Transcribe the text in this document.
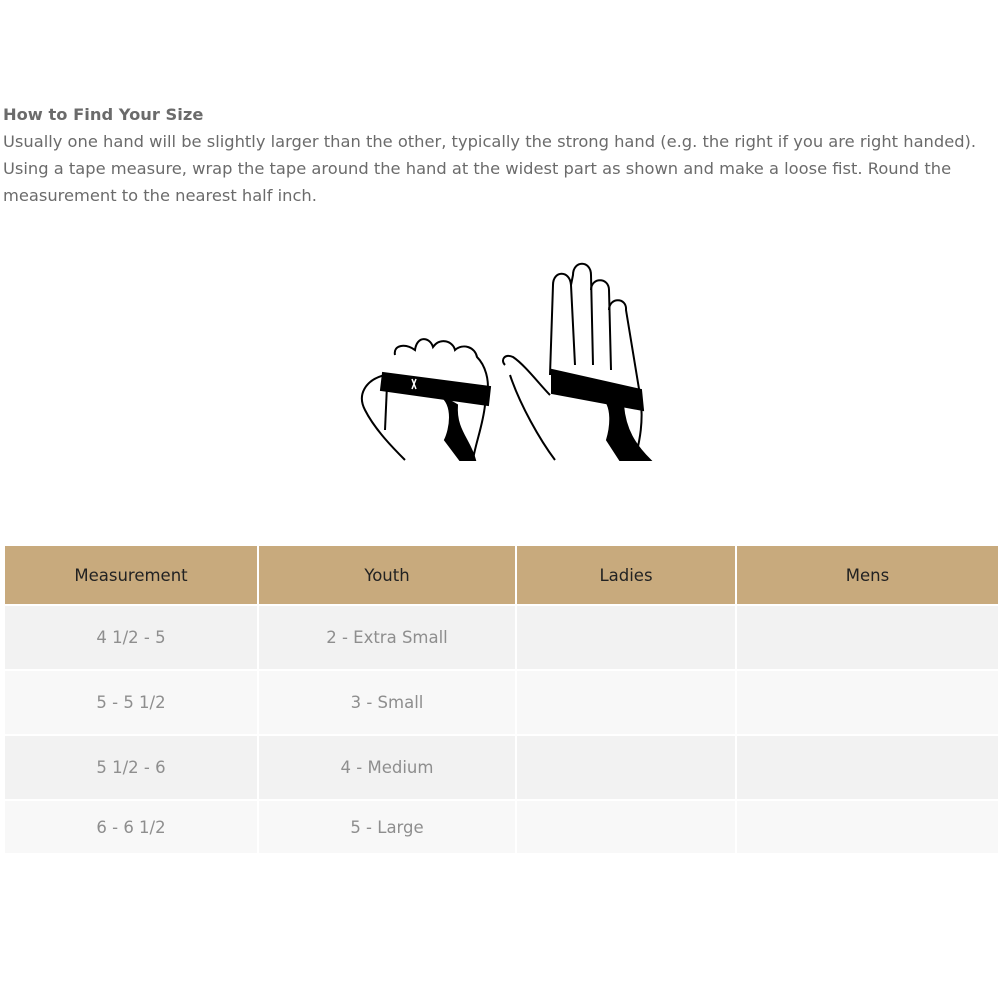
How to Find Your Size

Usually one hand will be slightly larger than the other, typically the strong hand (e.g. the right if you are right handed). Using a tape measure, wrap the tape around the hand at the widest part as shown and make a loose fist. Round the measurement to the nearest half inch.

Measurement	Youth	Ladies	Mens
4 1/2 - 5	2 - Extra Small		
5 - 5 1/2	3 - Small		
5 1/2 - 6	4 - Medium		
6 - 6 1/2	5 - Large		
